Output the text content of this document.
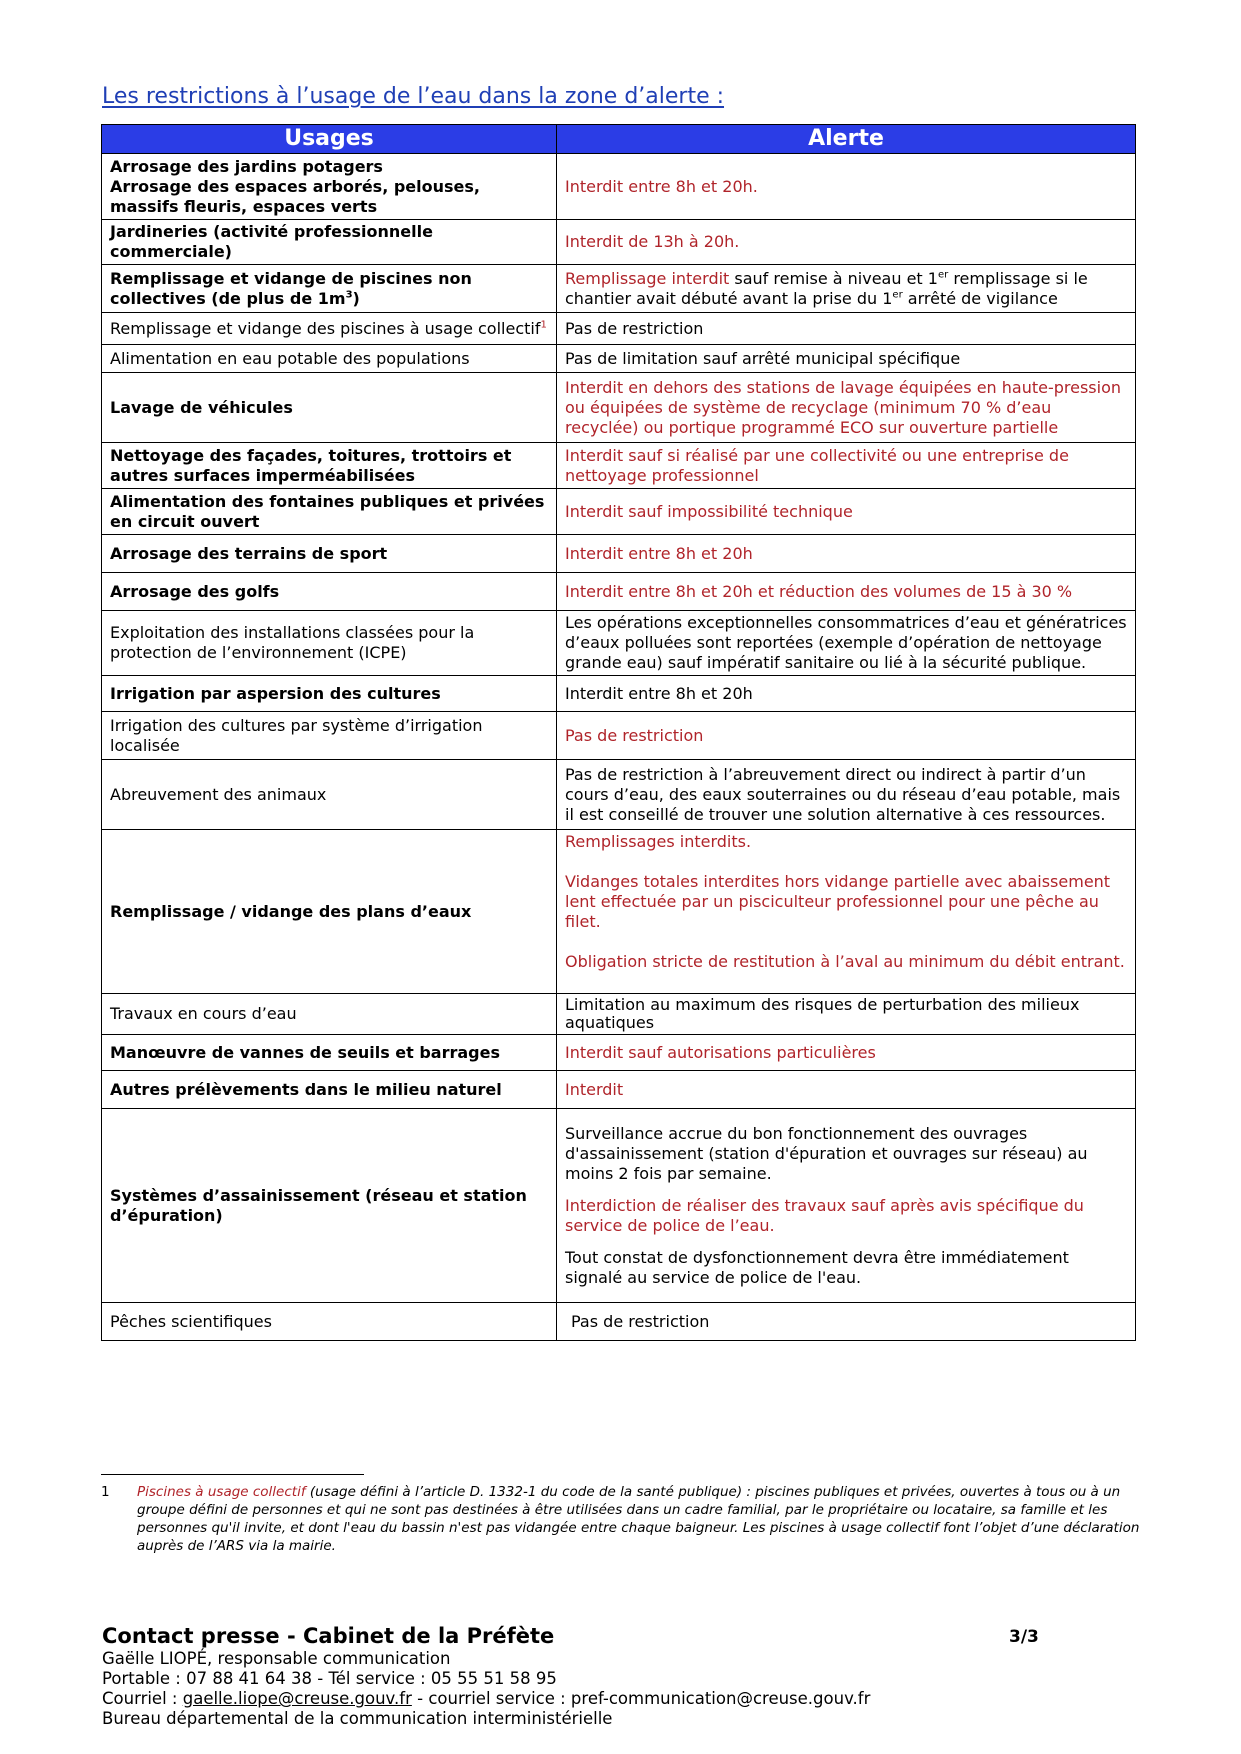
Les restrictions à l’usage de l’eau dans la zone d’alerte :
Usages	Alerte

Arrosage des jardins potagers
Arrosage des espaces arborés, pelouses, massifs fleuris, espaces verts	Interdit entre 8h et 20h.
Jardineries (activité professionnelle commerciale)	Interdit de 13h à 20h.
Remplissage et vidange de piscines non collectives (de plus de $1m^3$)	Remplissage interdit sauf remise à niveau et 1er remplissage si le chantier avait débuté avant la prise du 1er arrêté de vigilance
Remplissage et vidange des piscines à usage collectif$^1$	Pas de restriction
Alimentation en eau potable des populations	Pas de limitation sauf arrêté municipal spécifique
Lavage de véhicules	Interdit en dehors des stations de lavage équipées en haute-pression ou équipées de système de recyclage (minimum 70 % d’eau recyclée) ou portique programmé ECO sur ouverture partielle
Nettoyage des façades, toitures, trottoirs et autres surfaces imperméabilisées	Interdit sauf si réalisé par une collectivité ou une entreprise de nettoyage professionnel
Alimentation des fontaines publiques et privées en circuit ouvert	Interdit sauf impossibilité technique
Arrosage des terrains de sport	Interdit entre 8h et 20h
Arrosage des golfs	Interdit entre 8h et 20h et réduction des volumes de 15 à 30 %
Exploitation des installations classées pour la protection de l’environnement (ICPE)	Les opérations exceptionnelles consommatrices d’eau et génératrices d’eaux polluées sont reportées (exemple d’opération de nettoyage grande eau) sauf impératif sanitaire ou lié à la sécurité publique.
Irrigation par aspersion des cultures	Interdit entre 8h et 20h
Irrigation des cultures par système d’irrigation localisée	Pas de restriction
Abreuvement des animaux	Pas de restriction à l’abreuvement direct ou indirect à partir d’un cours d’eau, des eaux souterraines ou du réseau d’eau potable, mais il est conseillé de trouver une solution alternative à ces ressources.
Remplissage / vidange des plans d’eaux	Remplissages interdits.

Vidanges totales interdites hors vidange partielle avec abaissement lent effectuée par un pisciculteur professionnel pour une pêche au filet.

Obligation stricte de restitution à l’aval au minimum du débit entrant.

Travaux en cours d’eau	Limitation au maximum des risques de perturbation des milieux aquatiques
Manœuvre de vannes de seuils et barrages	Interdit sauf autorisations particulières
Autres prélèvements dans le milieu naturel	Interdit
Systèmes d’assainissement (réseau et station d’épuration)	Surveillance accrue du bon fonctionnement des ouvrages d'assainissement (station d'épuration et ouvrages sur réseau) au moins 2 fois par semaine.

Interdiction de réaliser des travaux sauf après avis spécifique du service de police de l’eau.

Tout constat de dysfonctionnement devra être immédiatement signalé au service de police de l'eau.

Pêches scientifiques	Pas de restriction
1 Piscines à usage collectif (usage défini à l’article D. 1332-1 du code de la santé publique) : piscines publiques et privées, ouvertes à tous ou à un groupe défini de personnes et qui ne sont pas destinées à être utilisées dans un cadre familial, par le propriétaire ou locataire, sa famille et les personnes qu'il invite, et dont l'eau du bassin n'est pas vidangée entre chaque baigneur. Les piscines à usage collectif font l’objet d’une déclaration auprès de l’ARS via la mairie.
Contact presse - Cabinet de la Préfète
Gaëlle LIOPÉ, responsable communication
Portable : 07 88 41 64 38 - Tél service : 05 55 51 58 95
Courriel : gaelle.liope@creuse.gouv.fr - courriel service : pref-communication@creuse.gouv.fr
Bureau départemental de la communication interministérielle
3/3
